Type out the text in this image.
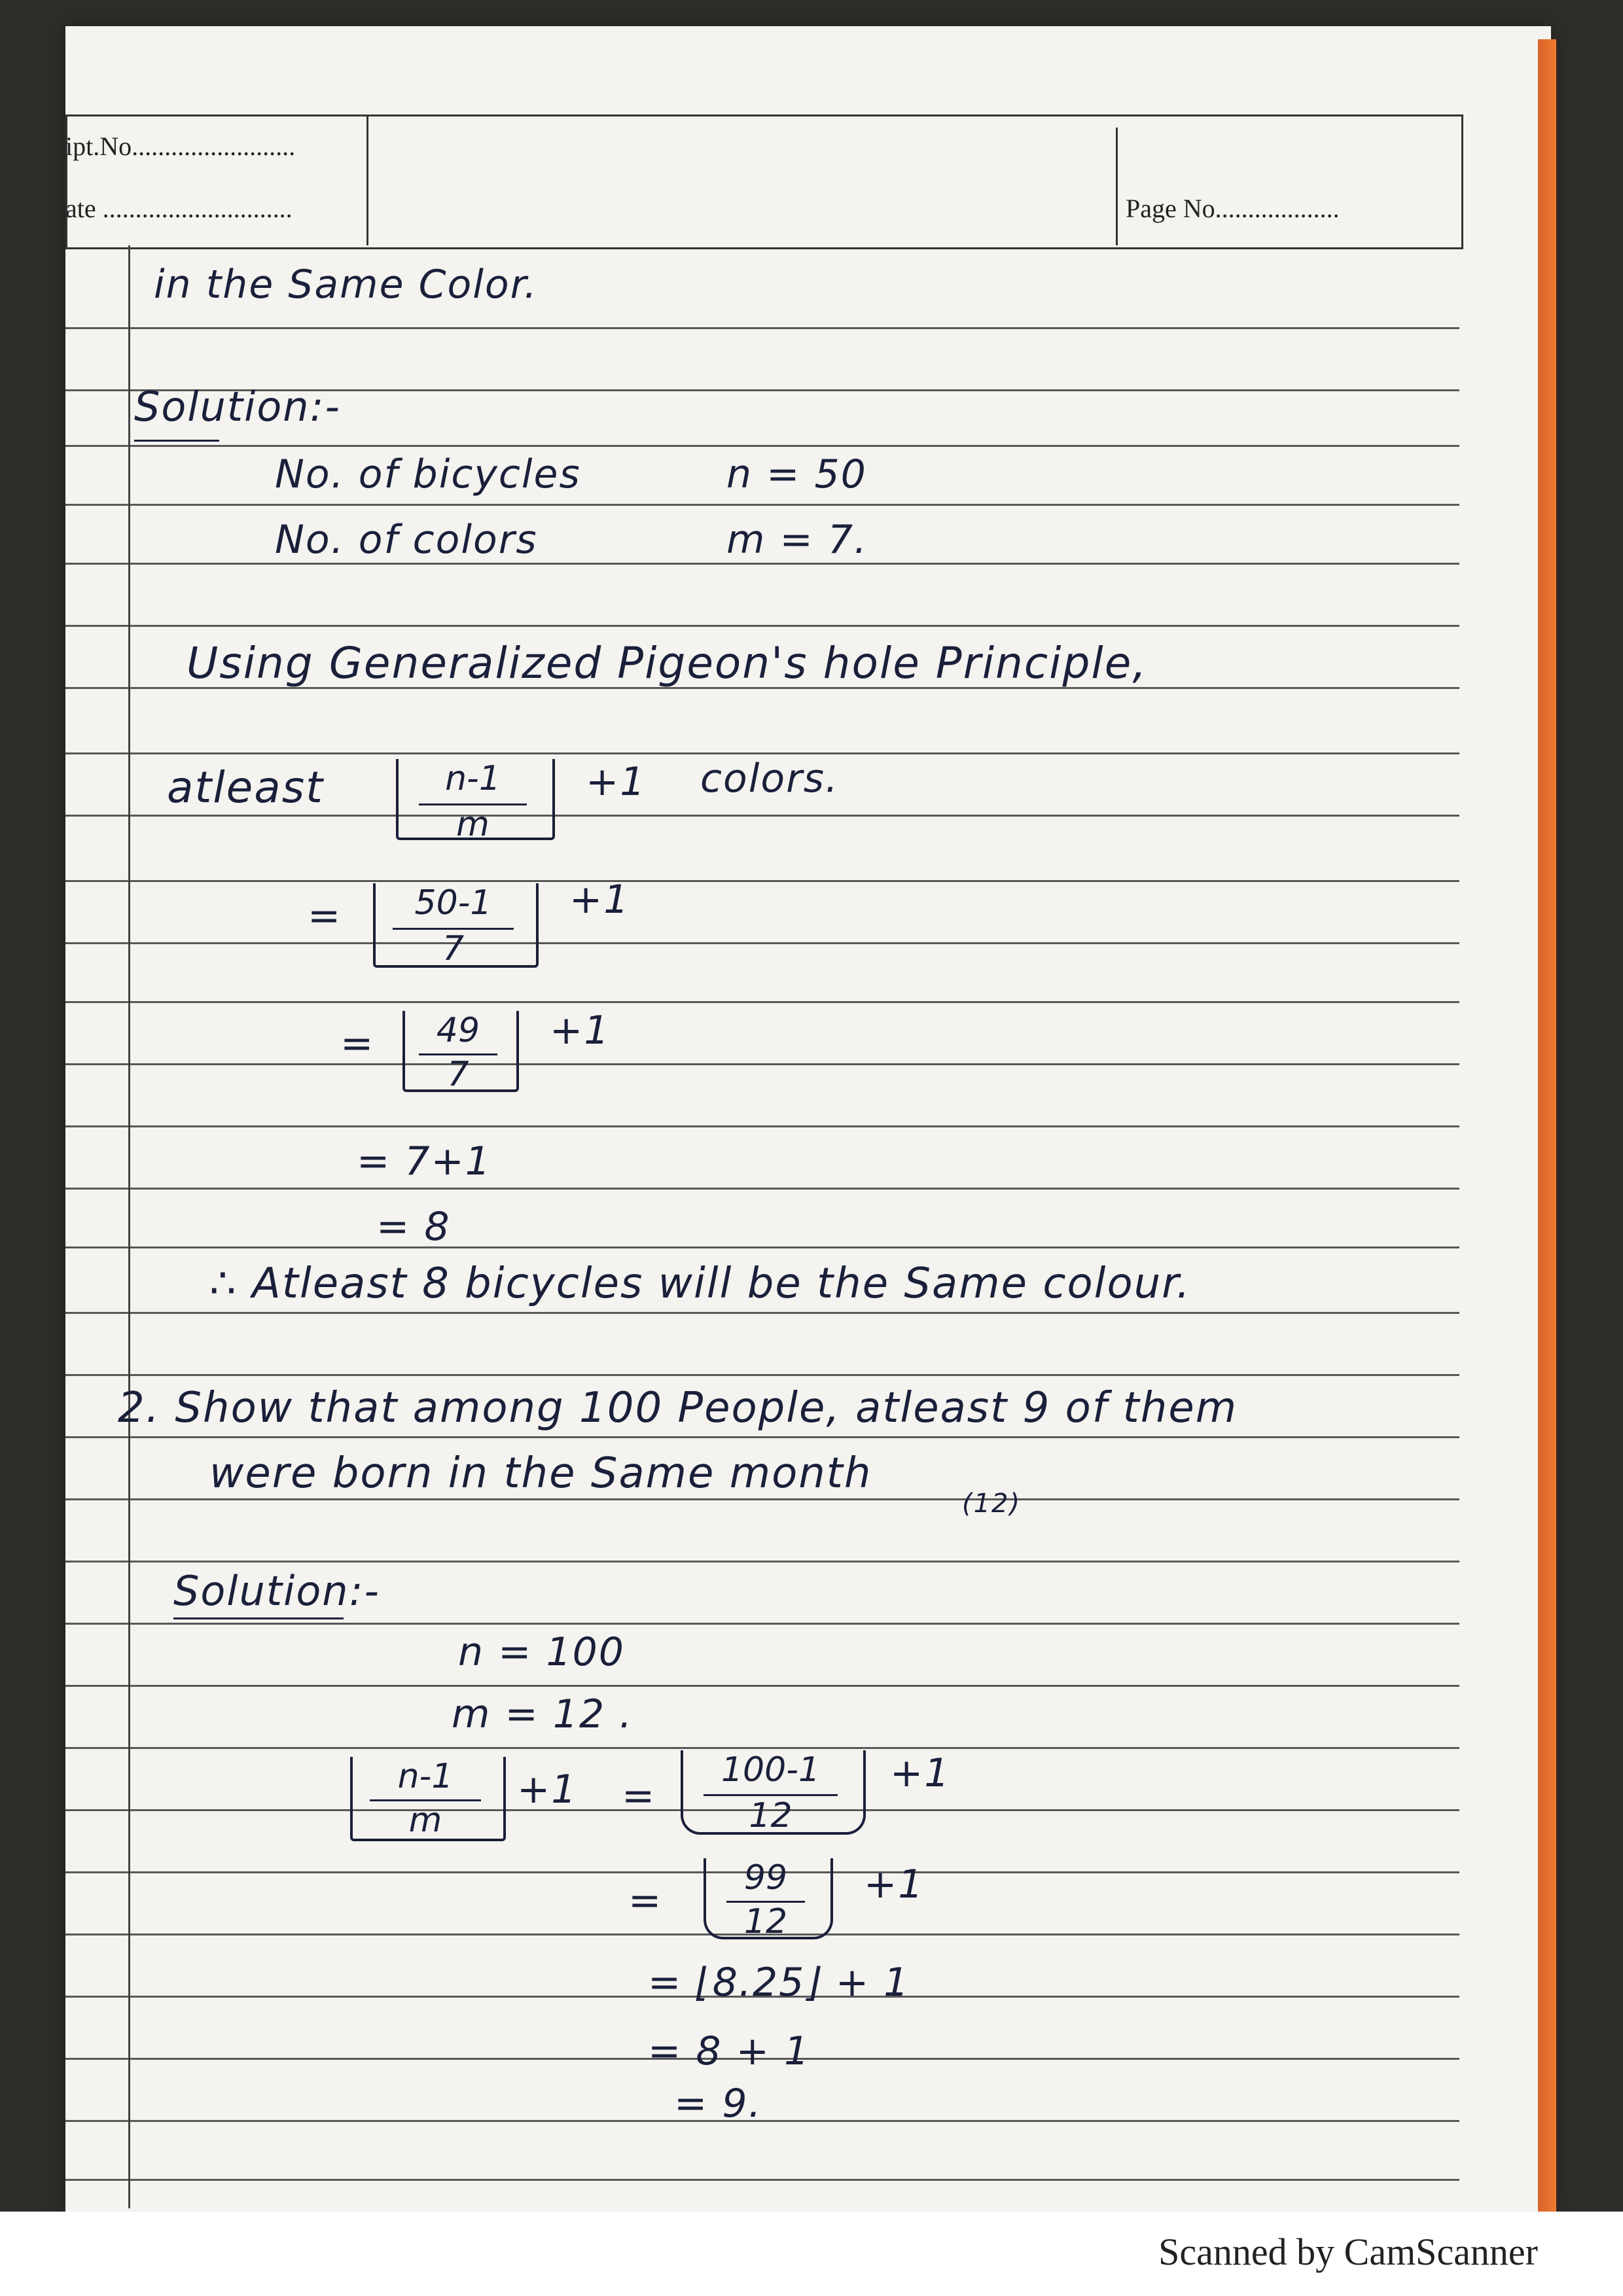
ipt.No.........................
ate .............................	Page No...................
in the Same Color.
Solution:-
No. of bicycles	n = 50
No. of colors	m = 7.
Using Generalized Pigeon's hole Principle,
atleast	n-1
m
+1 colors.
=	50-1
7
+1
=	49
7
+1
= 7+1
= 8
∴ Atleast 8 bicycles will be the Same colour.
2. Show that among 100 People, atleast 9 of them
were born in the Same month
(12)
Solution:-
n = 100
m = 12 .
n-1
m
+1 =
100-1
12
+1
=	99
12
+1
= ⌊8.25⌋ + 1
= 8 + 1
= 9.
Scanned by CamScanner
